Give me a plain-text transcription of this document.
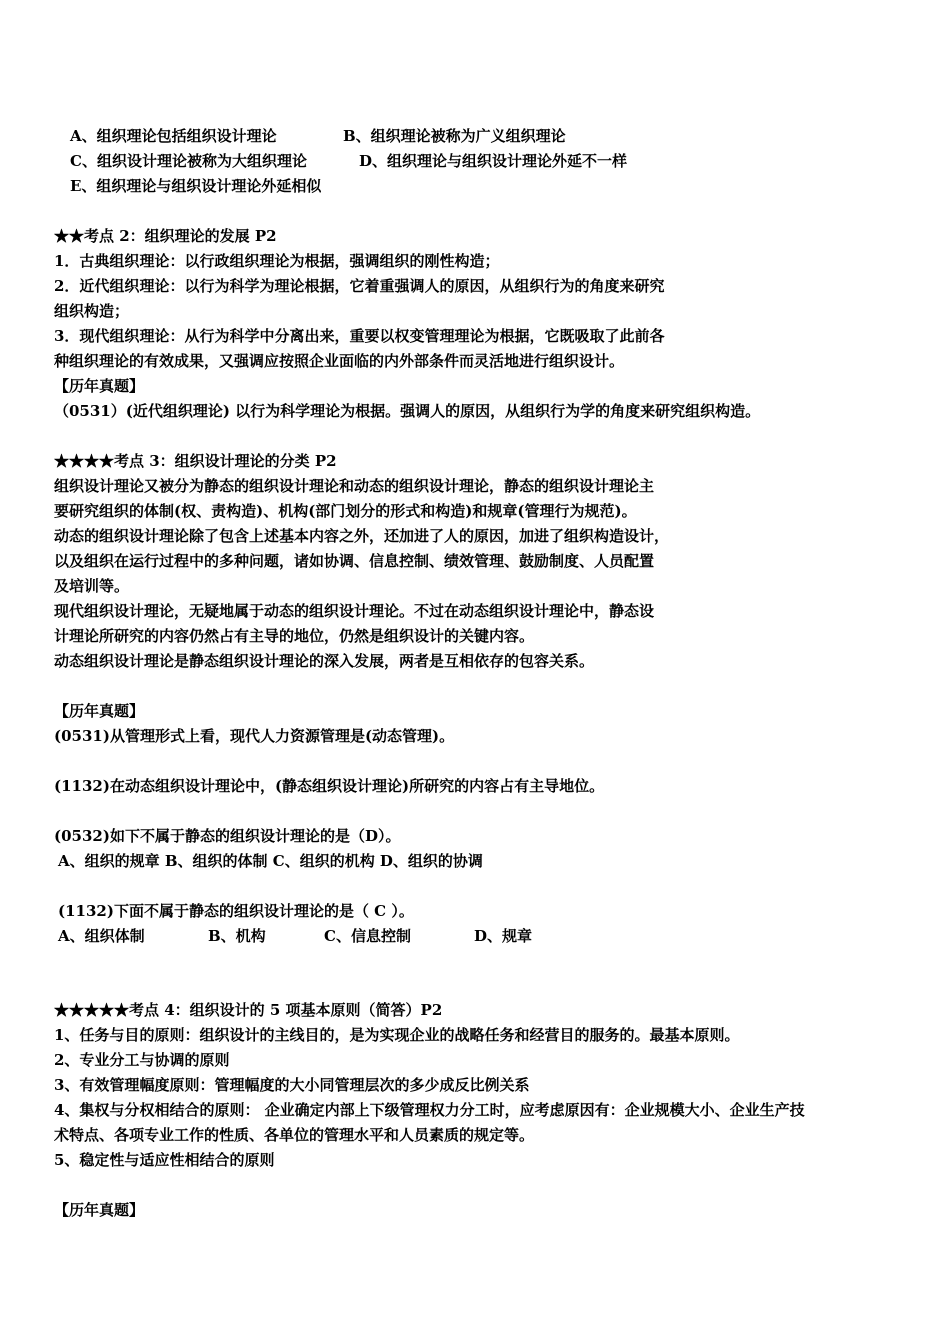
A、组织理论包括组织设计理论	B、组织理论被称为广义组织理论
C、组织设计理论被称为大组织理论	D、组织理论与组织设计理论外延不一样
E、组织理论与组织设计理论外延相似
★★考点 2：组织理论的发展 P2
1．古典组织理论：以行政组织理论为根据，强调组织的刚性构造；
2．近代组织理论：以行为科学为理论根据，它着重强调人的原因，从组织行为的角度来研究
组织构造；
3．现代组织理论：从行为科学中分离出来，重要以权变管理理论为根据，它既吸取了此前各
种组织理论的有效成果，又强调应按照企业面临的内外部条件而灵活地进行组织设计。
【历年真题】
（0531）(近代组织理论) 以行为科学理论为根据。强调人的原因，从组织行为学的角度来研究组织构造。
★★★★考点 3：组织设计理论的分类 P2
组织设计理论又被分为静态的组织设计理论和动态的组织设计理论，静态的组织设计理论主
要研究组织的体制(权、责构造)、机构(部门划分的形式和构造)和规章(管理行为规范)。
动态的组织设计理论除了包含上述基本内容之外，还加进了人的原因，加进了组织构造设计，
以及组织在运行过程中的多种问题，诸如协调、信息控制、绩效管理、鼓励制度、人员配置
及培训等。
现代组织设计理论，无疑地属于动态的组织设计理论。不过在动态组织设计理论中，静态设
计理论所研究的内容仍然占有主导的地位，仍然是组织设计的关键内容。
动态组织设计理论是静态组织设计理论的深入发展，两者是互相依存的包容关系。
【历年真题】
(0531)从管理形式上看，现代人力资源管理是(动态管理)。
(1132)在动态组织设计理论中，(静态组织设计理论)所研究的内容占有主导地位。
(0532)如下不属于静态的组织设计理论的是（D）。
A、组织的规章 B、组织的体制 C、组织的机构 D、组织的协调
(1132)下面不属于静态的组织设计理论的是（ C ）。
A、组织体制	B、机构	C、信息控制	D、规章
★★★★★考点 4：组织设计的 5 项基本原则（简答）P2
1、任务与目的原则：组织设计的主线目的，是为实现企业的战略任务和经营目的服务的。最基本原则。
2、专业分工与协调的原则
3、有效管理幅度原则：管理幅度的大小同管理层次的多少成反比例关系
4、集权与分权相结合的原则： 企业确定内部上下级管理权力分工时，应考虑原因有：企业规模大小、企业生产技
术特点、各项专业工作的性质、各单位的管理水平和人员素质的规定等。
5、稳定性与适应性相结合的原则
【历年真题】
